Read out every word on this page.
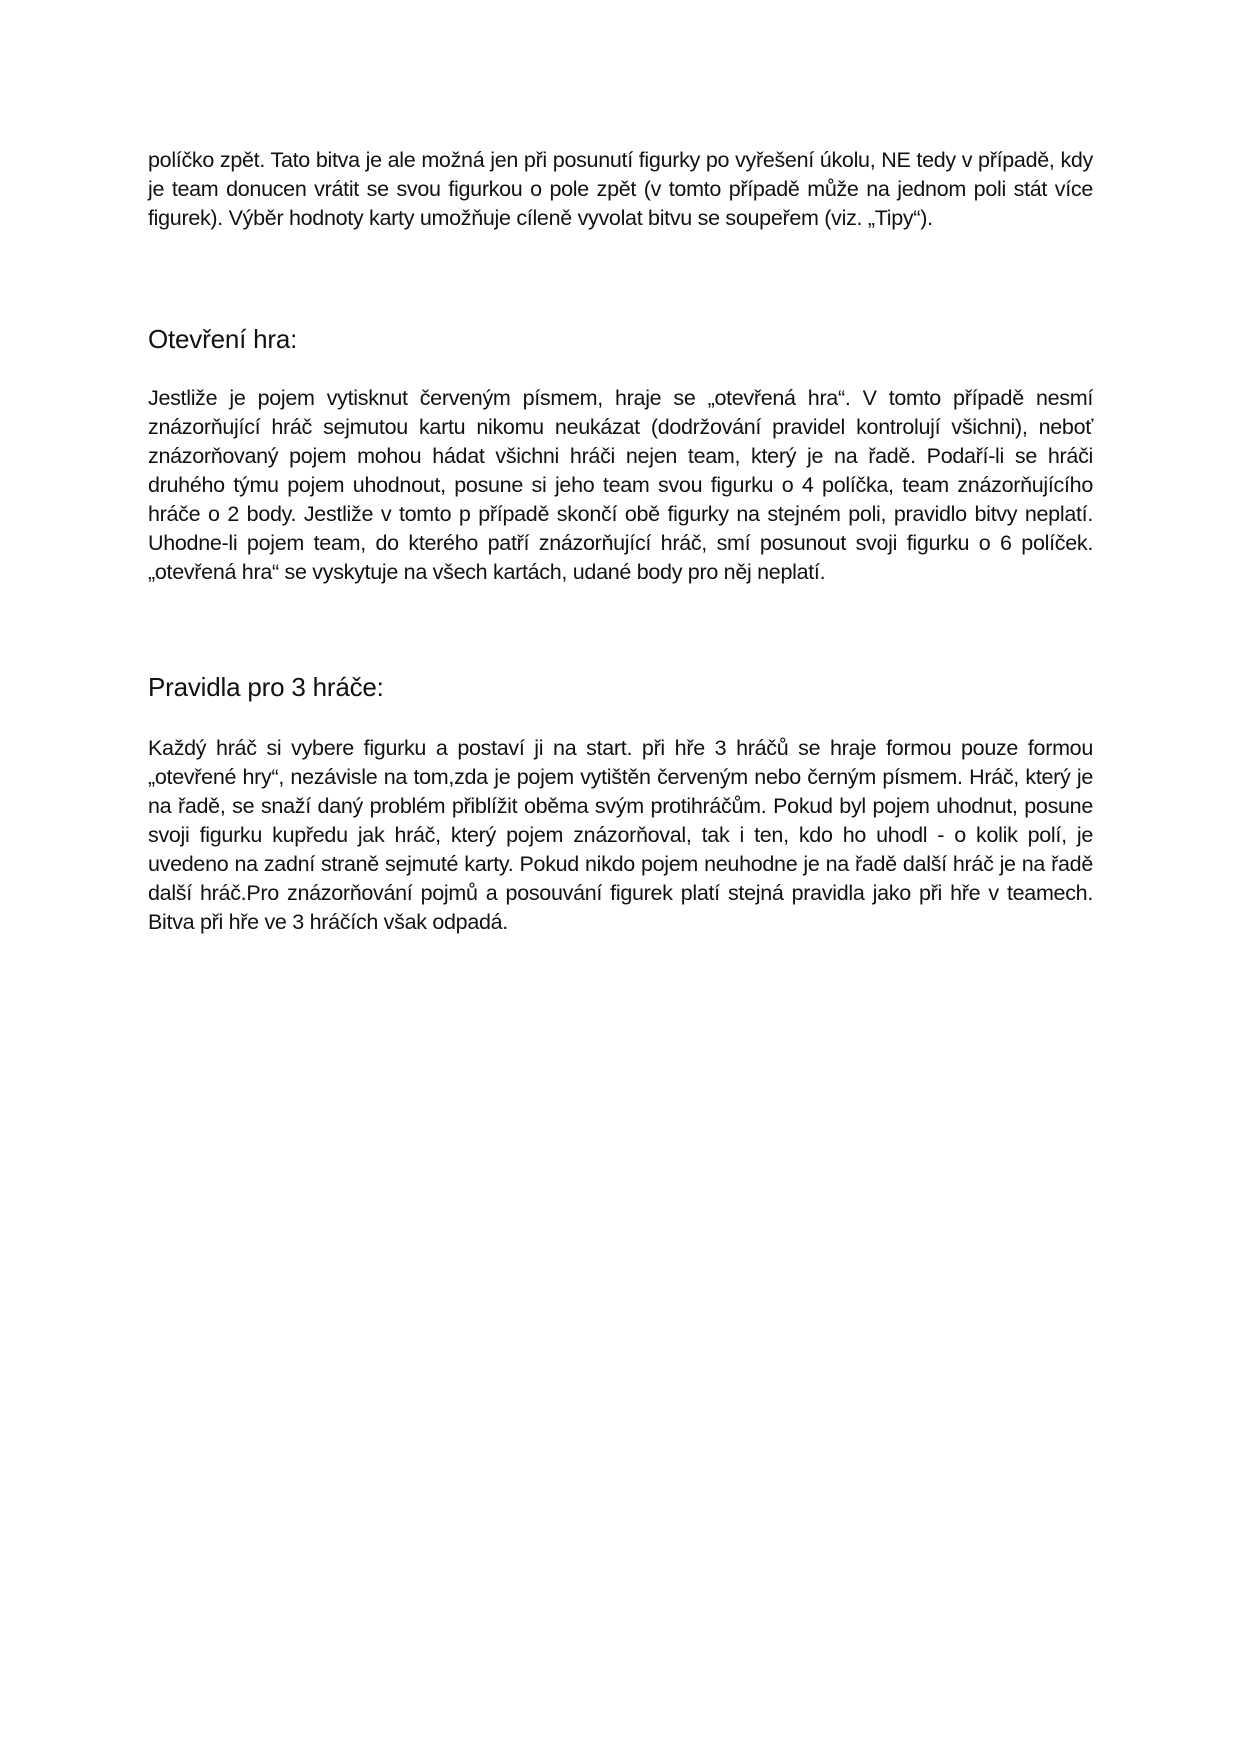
políčko zpět. Tato bitva je ale možná jen při posunutí figurky po vyřešení úkolu, NE tedy v případě, kdy je team donucen vrátit se svou figurkou o pole zpět (v tomto případě může na jednom poli stát více figurek). Výběr hodnoty karty umožňuje cíleně vyvolat bitvu se soupeřem (viz. „Tipy“).

Otevření hra:

Jestliže je pojem vytisknut červeným písmem, hraje se „otevřená hra“. V tomto případě nesmí znázorňující hráč sejmutou kartu nikomu neukázat (dodržování pravidel kontrolují všichni), neboť znázorňovaný pojem mohou hádat všichni hráči nejen team, který je na řadě. Podaří-li se hráči druhého týmu pojem uhodnout, posune si jeho team svou figurku o 4 políčka, team znázorňujícího hráče o 2 body. Jestliže v tomto p případě skončí obě figurky na stejném poli, pravidlo bitvy neplatí. Uhodne-li pojem team, do kterého patří znázorňující hráč, smí posunout svoji figurku o 6 políček. „otevřená hra“ se vyskytuje na všech kartách, udané body pro něj neplatí.

Pravidla pro 3 hráče:

Každý hráč si vybere figurku a postaví ji na start. při hře 3 hráčů se hraje formou pouze formou „otevřené hry“, nezávisle na tom,zda je pojem vytištěn červeným nebo černým písmem. Hráč, který je na řadě, se snaží daný problém přiblížit oběma svým protihráčům. Pokud byl pojem uhodnut, posune svoji figurku kupředu jak hráč, který pojem znázorňoval, tak i ten, kdo ho uhodl - o kolik polí, je uvedeno na zadní straně sejmuté karty. Pokud nikdo pojem neuhodne je na řadě další hráč je na řadě další hráč.Pro znázorňování pojmů a posouvání figurek platí stejná pravidla jako při hře v teamech. Bitva při hře ve 3 hráčích však odpadá.
